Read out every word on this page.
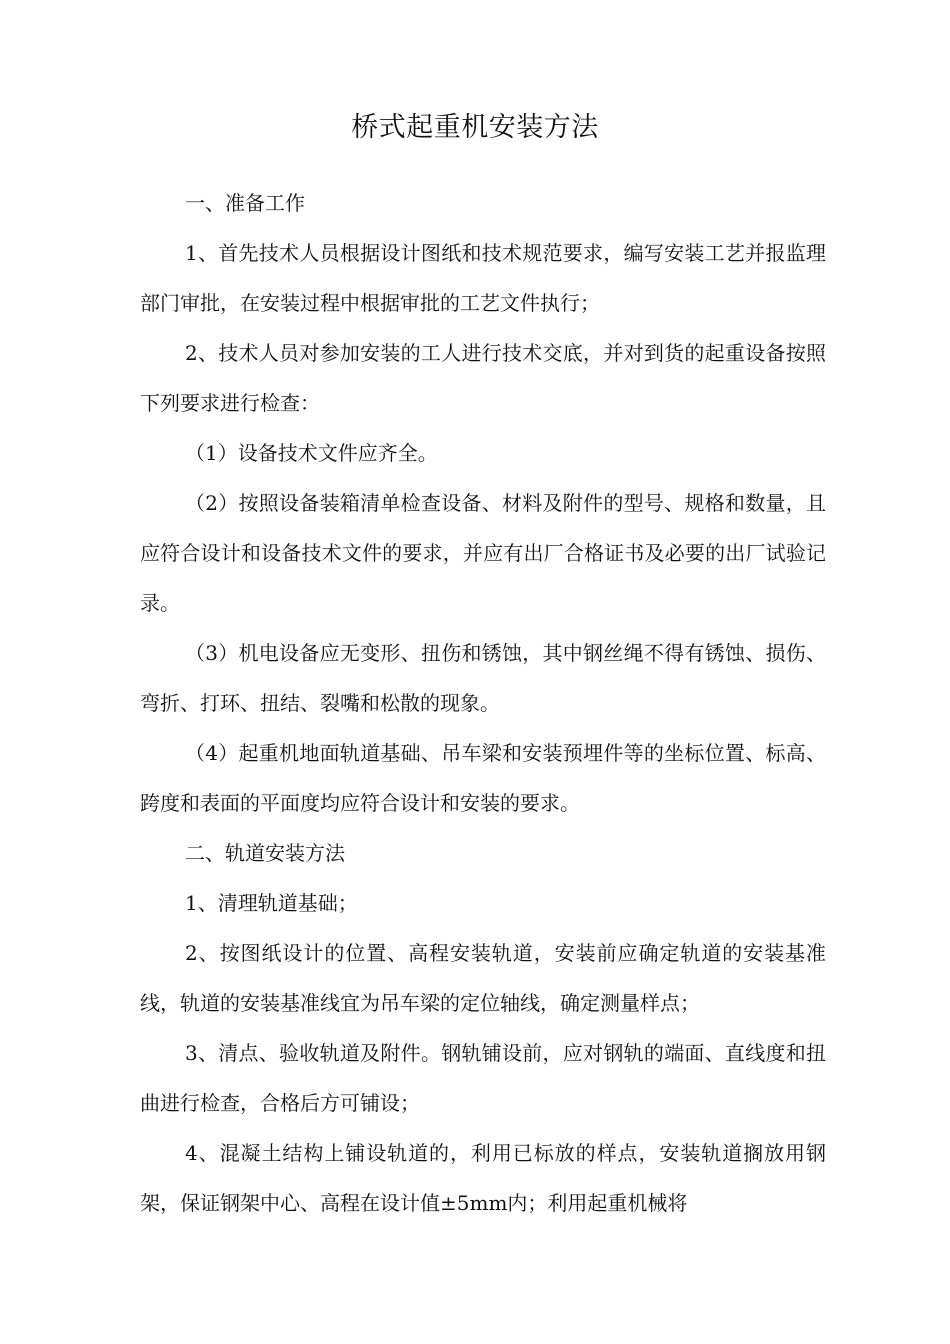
桥式起重机安装方法

一、准备工作

1、首先技术人员根据设计图纸和技术规范要求，编写安装工艺并报监理部门审批，在安装过程中根据审批的工艺文件执行；

2、技术人员对参加安装的工人进行技术交底，并对到货的起重设备按照下列要求进行检查：

（1）设备技术文件应齐全。

（2）按照设备装箱清单检查设备、材料及附件的型号、规格和数量，且应符合设计和设备技术文件的要求，并应有出厂合格证书及必要的出厂试验记录。

（3）机电设备应无变形、扭伤和锈蚀，其中钢丝绳不得有锈蚀、损伤、弯折、打环、扭结、裂嘴和松散的现象。

（4）起重机地面轨道基础、吊车梁和安装预埋件等的坐标位置、标高、跨度和表面的平面度均应符合设计和安装的要求。

二、轨道安装方法

1、清理轨道基础；

2、按图纸设计的位置、高程安装轨道，安装前应确定轨道的安装基准线，轨道的安装基准线宜为吊车梁的定位轴线，确定测量样点；

3、清点、验收轨道及附件。钢轨铺设前，应对钢轨的端面、直线度和扭曲进行检查，合格后方可铺设；

4、混凝土结构上铺设轨道的，利用已标放的样点，安装轨道搁放用钢架，保证钢架中心、高程在设计值±5mm内；利用起重机械将
